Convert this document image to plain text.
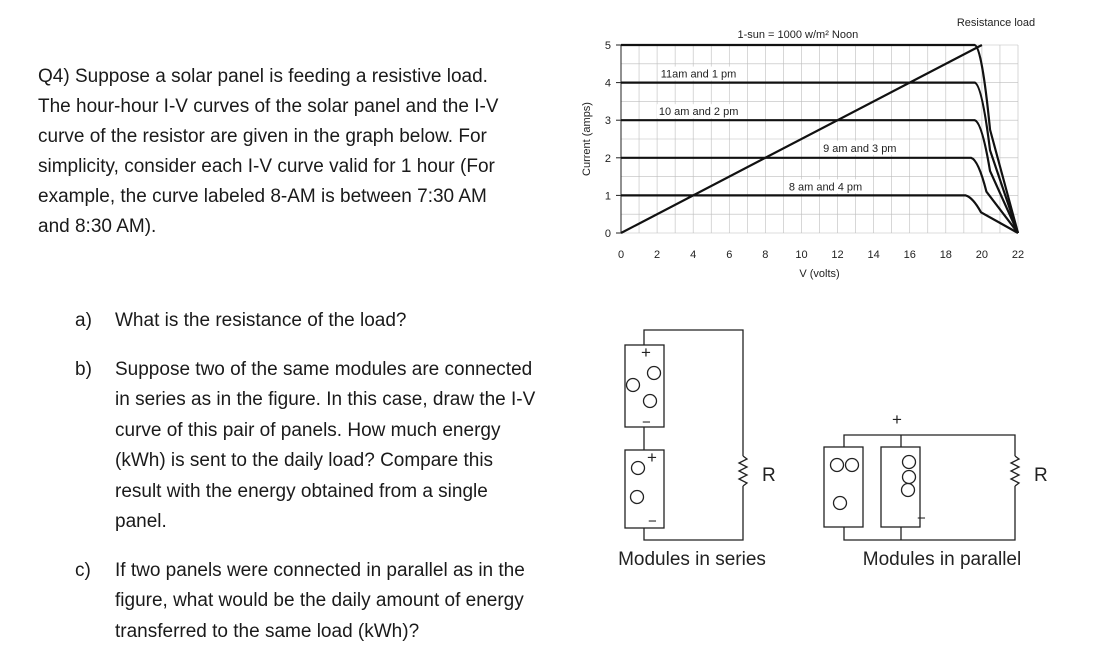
Q4) Suppose a solar panel is feeding a resistive load.

The hour-hour I-V curves of the solar panel and the I-V

curve of the resistor are given in the graph below. For

simplicity, consider each I-V curve valid for 1 hour (For

example, the curve labeled 8-AM is between 7:30 AM

and 8:30 AM).

a) What is the resistance of the load?
b) Suppose two of the same modules are connected
in series as in the figure. In this case, draw the I-V
curve of this pair of panels. How much energy
(kWh) is sent to the daily load? Compare this
result with the energy obtained from a single
panel.
c) If two panels were connected in parallel as in the
figure, what would be the daily amount of energy
transferred to the same load (kWh)?
0
1
2
3
4
5
0	2	4	6	8 10 12 14 16 18 20 22
V (volts)
Current (amps)
1-sun = 1000 w/m² Noon
11am and 1 pm
10 am and 2 pm
9 am and 3 pm
8 am and 4 pm
Resistance load
+
−
+
−
R
Modules in series
+
−
R
Modules in parallel
